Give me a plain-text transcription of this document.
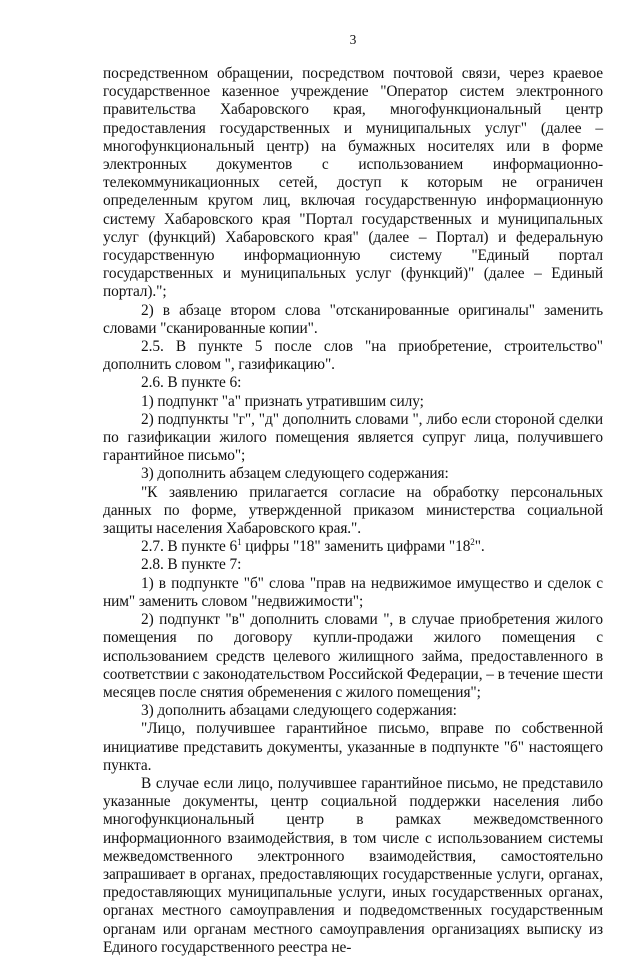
3

посредственном обращении, посредством почтовой связи, через краевое государственное казенное учреждение "Оператор систем электронного правительства Хабаровского края, многофункциональный центр предоставления государственных и муниципальных услуг" (далее – многофункциональный центр) на бумажных носителях или в форме электронных документов с использованием информационно-телекоммуникационных сетей, доступ к которым не ограничен определенным кругом лиц, включая государственную информационную систему Хабаровского края "Портал государственных и муниципальных услуг (функций) Хабаровского края" (далее – Портал) и федеральную государственную информационную систему "Единый портал государственных и муниципальных услуг (функций)" (далее – Единый портал).";

2) в абзаце втором слова "отсканированные оригиналы" заменить словами "сканированные копии".

2.5. В пункте 5 после слов "на приобретение, строительство" дополнить словом ", газификацию".

2.6. В пункте 6:

1) подпункт "а" признать утратившим силу;

2) подпункты "г", "д" дополнить словами ", либо если стороной сделки по газификации жилого помещения является супруг лица, получившего гарантийное письмо";

3) дополнить абзацем следующего содержания:

"К заявлению прилагается согласие на обработку персональных данных по форме, утвержденной приказом министерства социальной защиты населения Хабаровского края.".

2.7. В пункте $6^1$ цифры "18" заменить цифрами "$18^2$".

2.8. В пункте 7:

1) в подпункте "б" слова "прав на недвижимое имущество и сделок с ним" заменить словом "недвижимости";

2) подпункт "в" дополнить словами ", в случае приобретения жилого помещения по договору купли-продажи жилого помещения с использованием средств целевого жилищного займа, предоставленного в соответствии с законодательством Российской Федерации, – в течение шести месяцев после снятия обременения с жилого помещения";

3) дополнить абзацами следующего содержания:

"Лицо, получившее гарантийное письмо, вправе по собственной инициативе представить документы, указанные в подпункте "б" настоящего пункта.

В случае если лицо, получившее гарантийное письмо, не представило указанные документы, центр социальной поддержки населения либо многофункциональный центр в рамках межведомственного информационного взаимодействия, в том числе с использованием системы межведомственного электронного взаимодействия, самостоятельно запрашивает в органах, предоставляющих государственные услуги, органах, предоставляющих муниципальные услуги, иных государственных органах, органах местного самоуправления и подведомственных государственным органам или органам местного самоуправления организациях выписку из Единого государственного реестра не-
